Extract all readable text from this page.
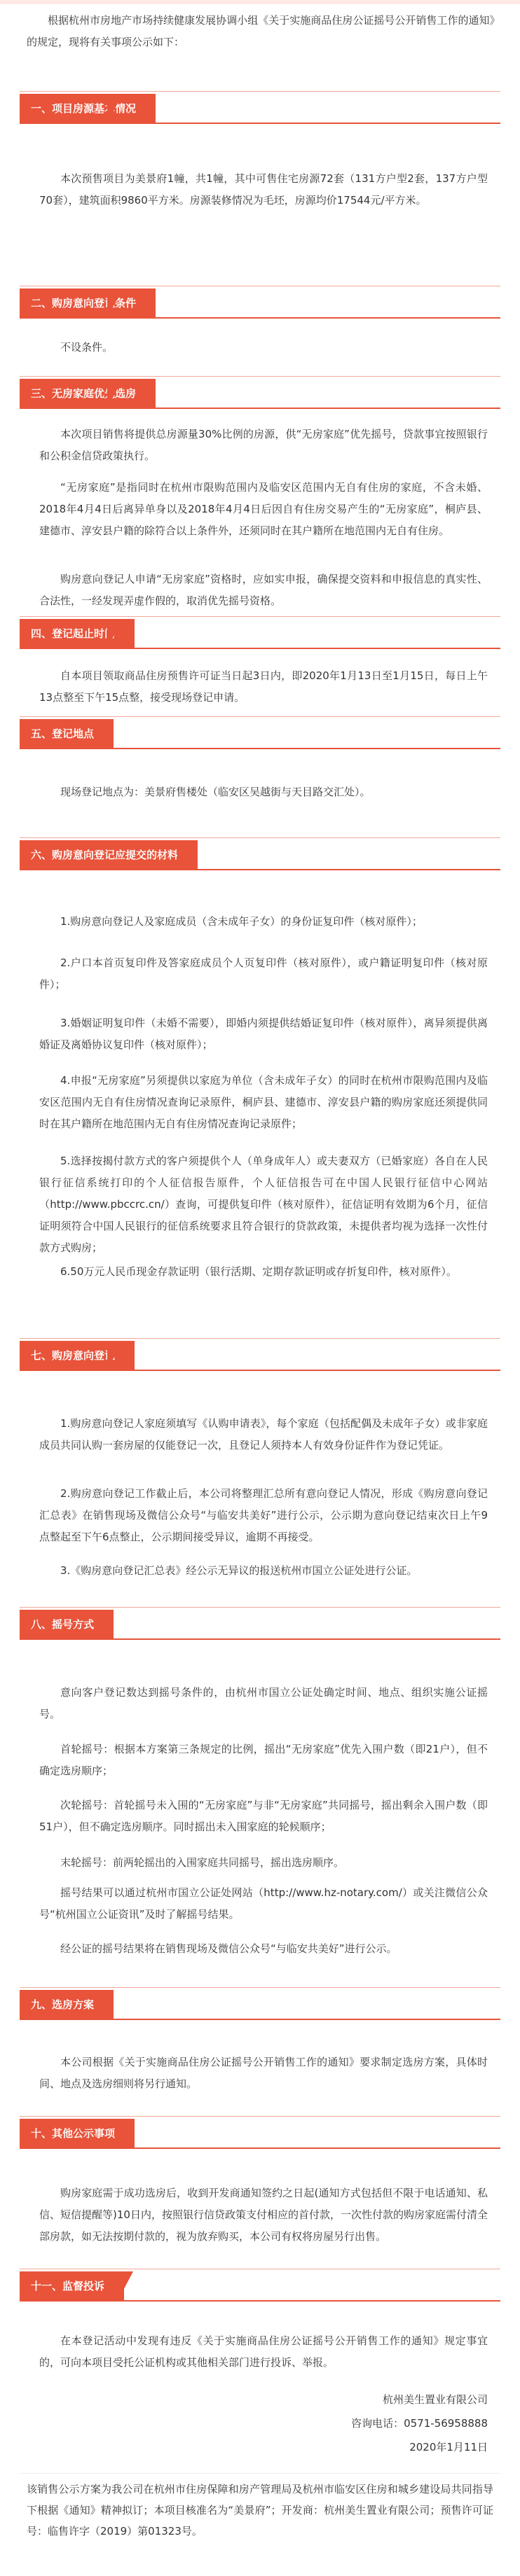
根据杭州市房地产市场持续健康发展协调小组《关于实施商品住房公证摇号公开销售工作的通知》的规定，现将有关事项公示如下：

一、项目房源基本情况

本次预售项目为美景府1幢，共1幢，其中可售住宅房源72套（131方户型2套，137方户型70套），建筑面积9860平方米。房源装修情况为毛坯，房源均价17544元/平方米。

二、购房意向登记条件

不设条件。

三、无房家庭优先选房

本次项目销售将提供总房源量30%比例的房源，供“无房家庭”优先摇号，贷款事宜按照银行和公积金信贷政策执行。

“无房家庭”是指同时在杭州市限购范围内及临安区范围内无自有住房的家庭，不含未婚、2018年4月4日后离异单身以及2018年4月4日后因自有住房交易产生的“无房家庭”，桐庐县、建德市、淳安县户籍的除符合以上条件外，还须同时在其户籍所在地范围内无自有住房。

购房意向登记人申请“无房家庭”资格时，应如实申报，确保提交资料和申报信息的真实性、合法性，一经发现弄虚作假的，取消优先摇号资格。

四、登记起止时间

自本项目领取商品住房预售许可证当日起3日内，即2020年1月13日至1月15日，每日上午13点整至下午15点整，接受现场登记申请。

五、登记地点

现场登记地点为：美景府售楼处（临安区吴越街与天目路交汇处）。

六、购房意向登记应提交的材料

1.购房意向登记人及家庭成员（含未成年子女）的身份证复印件（核对原件）；

2.户口本首页复印件及答家庭成员个人页复印件（核对原件），或户籍证明复印件（核对原件）；

3.婚姻证明复印件（未婚不需要），即婚内须提供结婚证复印件（核对原件），离异须提供离婚证及离婚协议复印件（核对原件）；

4.申报“无房家庭”另须提供以家庭为单位（含未成年子女）的同时在杭州市限购范围内及临安区范围内无自有住房情况查询记录原件，桐庐县、建德市、淳安县户籍的购房家庭还须提供同时在其户籍所在地范围内无自有住房情况查询记录原件；

5.选择按揭付款方式的客户须提供个人（单身成年人）或夫妻双方（已婚家庭）各自在人民银行征信系统打印的个人征信报告原件，个人征信报告可在中国人民银行征信中心网站（http://www.pbccrc.cn/）查询，可提供复印件（核对原件），征信证明有效期为6个月，征信证明须符合中国人民银行的征信系统要求且符合银行的贷款政策，未提供者均视为选择一次性付款方式购房；

6.50万元人民币现金存款证明（银行活期、定期存款证明或存折复印件，核对原件）。

七、购房意向登记

1.购房意向登记人家庭须填写《认购申请表》，每个家庭（包括配偶及未成年子女）或非家庭成员共同认购一套房屋的仅能登记一次，且登记人须持本人有效身份证件作为登记凭证。

2.购房意向登记工作截止后，本公司将整理汇总所有意向登记人情况，形成《购房意向登记汇总表》在销售现场及微信公众号“与临安共美好”进行公示，公示期为意向登记结束次日上午9点整起至下午6点整止，公示期间接受异议，逾期不再接受。

3.《购房意向登记汇总表》经公示无异议的报送杭州市国立公证处进行公证。

八、摇号方式

意向客户登记数达到摇号条件的，由杭州市国立公证处确定时间、地点、组织实施公证摇号。

首轮摇号：根据本方案第三条规定的比例，摇出“无房家庭”优先入围户数（即21户），但不确定选房顺序；

次轮摇号：首轮摇号未入围的“无房家庭”与非“无房家庭”共同摇号，摇出剩余入围户数（即51户），但不确定选房顺序。同时摇出未入围家庭的轮候顺序；

末轮摇号：前两轮摇出的入围家庭共同摇号，摇出选房顺序。

摇号结果可以通过杭州市国立公证处网站（http://www.hz-notary.com/）或关注微信公众号“杭州国立公证资讯”及时了解摇号结果。

经公证的摇号结果将在销售现场及微信公众号“与临安共美好”进行公示。

九、选房方案

本公司根据《关于实施商品住房公证摇号公开销售工作的通知》要求制定选房方案，具体时间、地点及选房细则将另行通知。

十、其他公示事项

购房家庭需于成功选房后，收到开发商通知签约之日起(通知方式包括但不限于电话通知、私信、短信提醒等)10日内，按照银行信贷政策支付相应的首付款，一次性付款的购房家庭需付清全部房款，如无法按期付款的，视为放弃购买，本公司有权将房屋另行出售。

十一、监督投诉

在本登记活动中发现有违反《关于实施商品住房公证摇号公开销售工作的通知》规定事宜的，可向本项目受托公证机构或其他相关部门进行投诉、举报。

杭州美生置业有限公司
咨询电话：0571-56958888
2020年1月11日

该销售公示方案为我公司在杭州市住房保障和房产管理局及杭州市临安区住房和城乡建设局共同指导下根据《通知》精神拟订；本项目核准名为“美景府”；开发商：杭州美生置业有限公司；预售许可证号：临售许字（2019）第01323号。
